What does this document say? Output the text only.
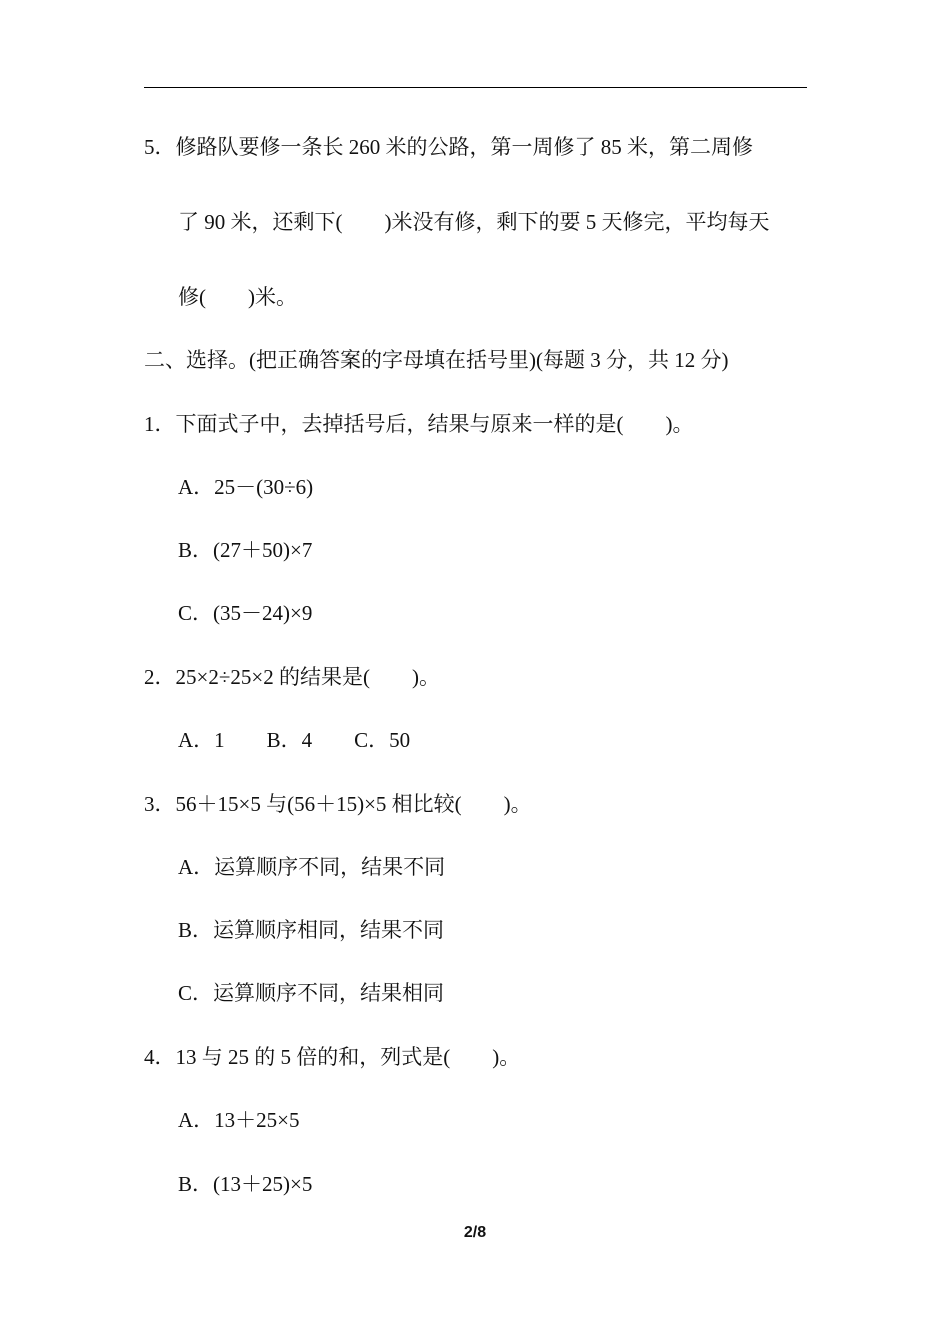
5．修路队要修一条长 260 米的公路，第一周修了 85 米，第二周修
了 90 米，还剩下(        )米没有修，剩下的要 5 天修完，平均每天
修(        )米。
二、选择。(把正确答案的字母填在括号里)(每题 3 分，共 12 分)
1．下面式子中，去掉括号后，结果与原来一样的是(        )。
A．25－(30÷6)
B．(27＋50)×7
C．(35－24)×9
2．25×2÷25×2 的结果是(        )。
A．1        B．4        C．50
3．56＋15×5 与(56＋15)×5 相比较(        )。
A．运算顺序不同，结果不同
B．运算顺序相同，结果不同
C．运算顺序不同，结果相同
4．13 与 25 的 5 倍的和，列式是(        )。
A．13＋25×5
B．(13＋25)×5
2/8
